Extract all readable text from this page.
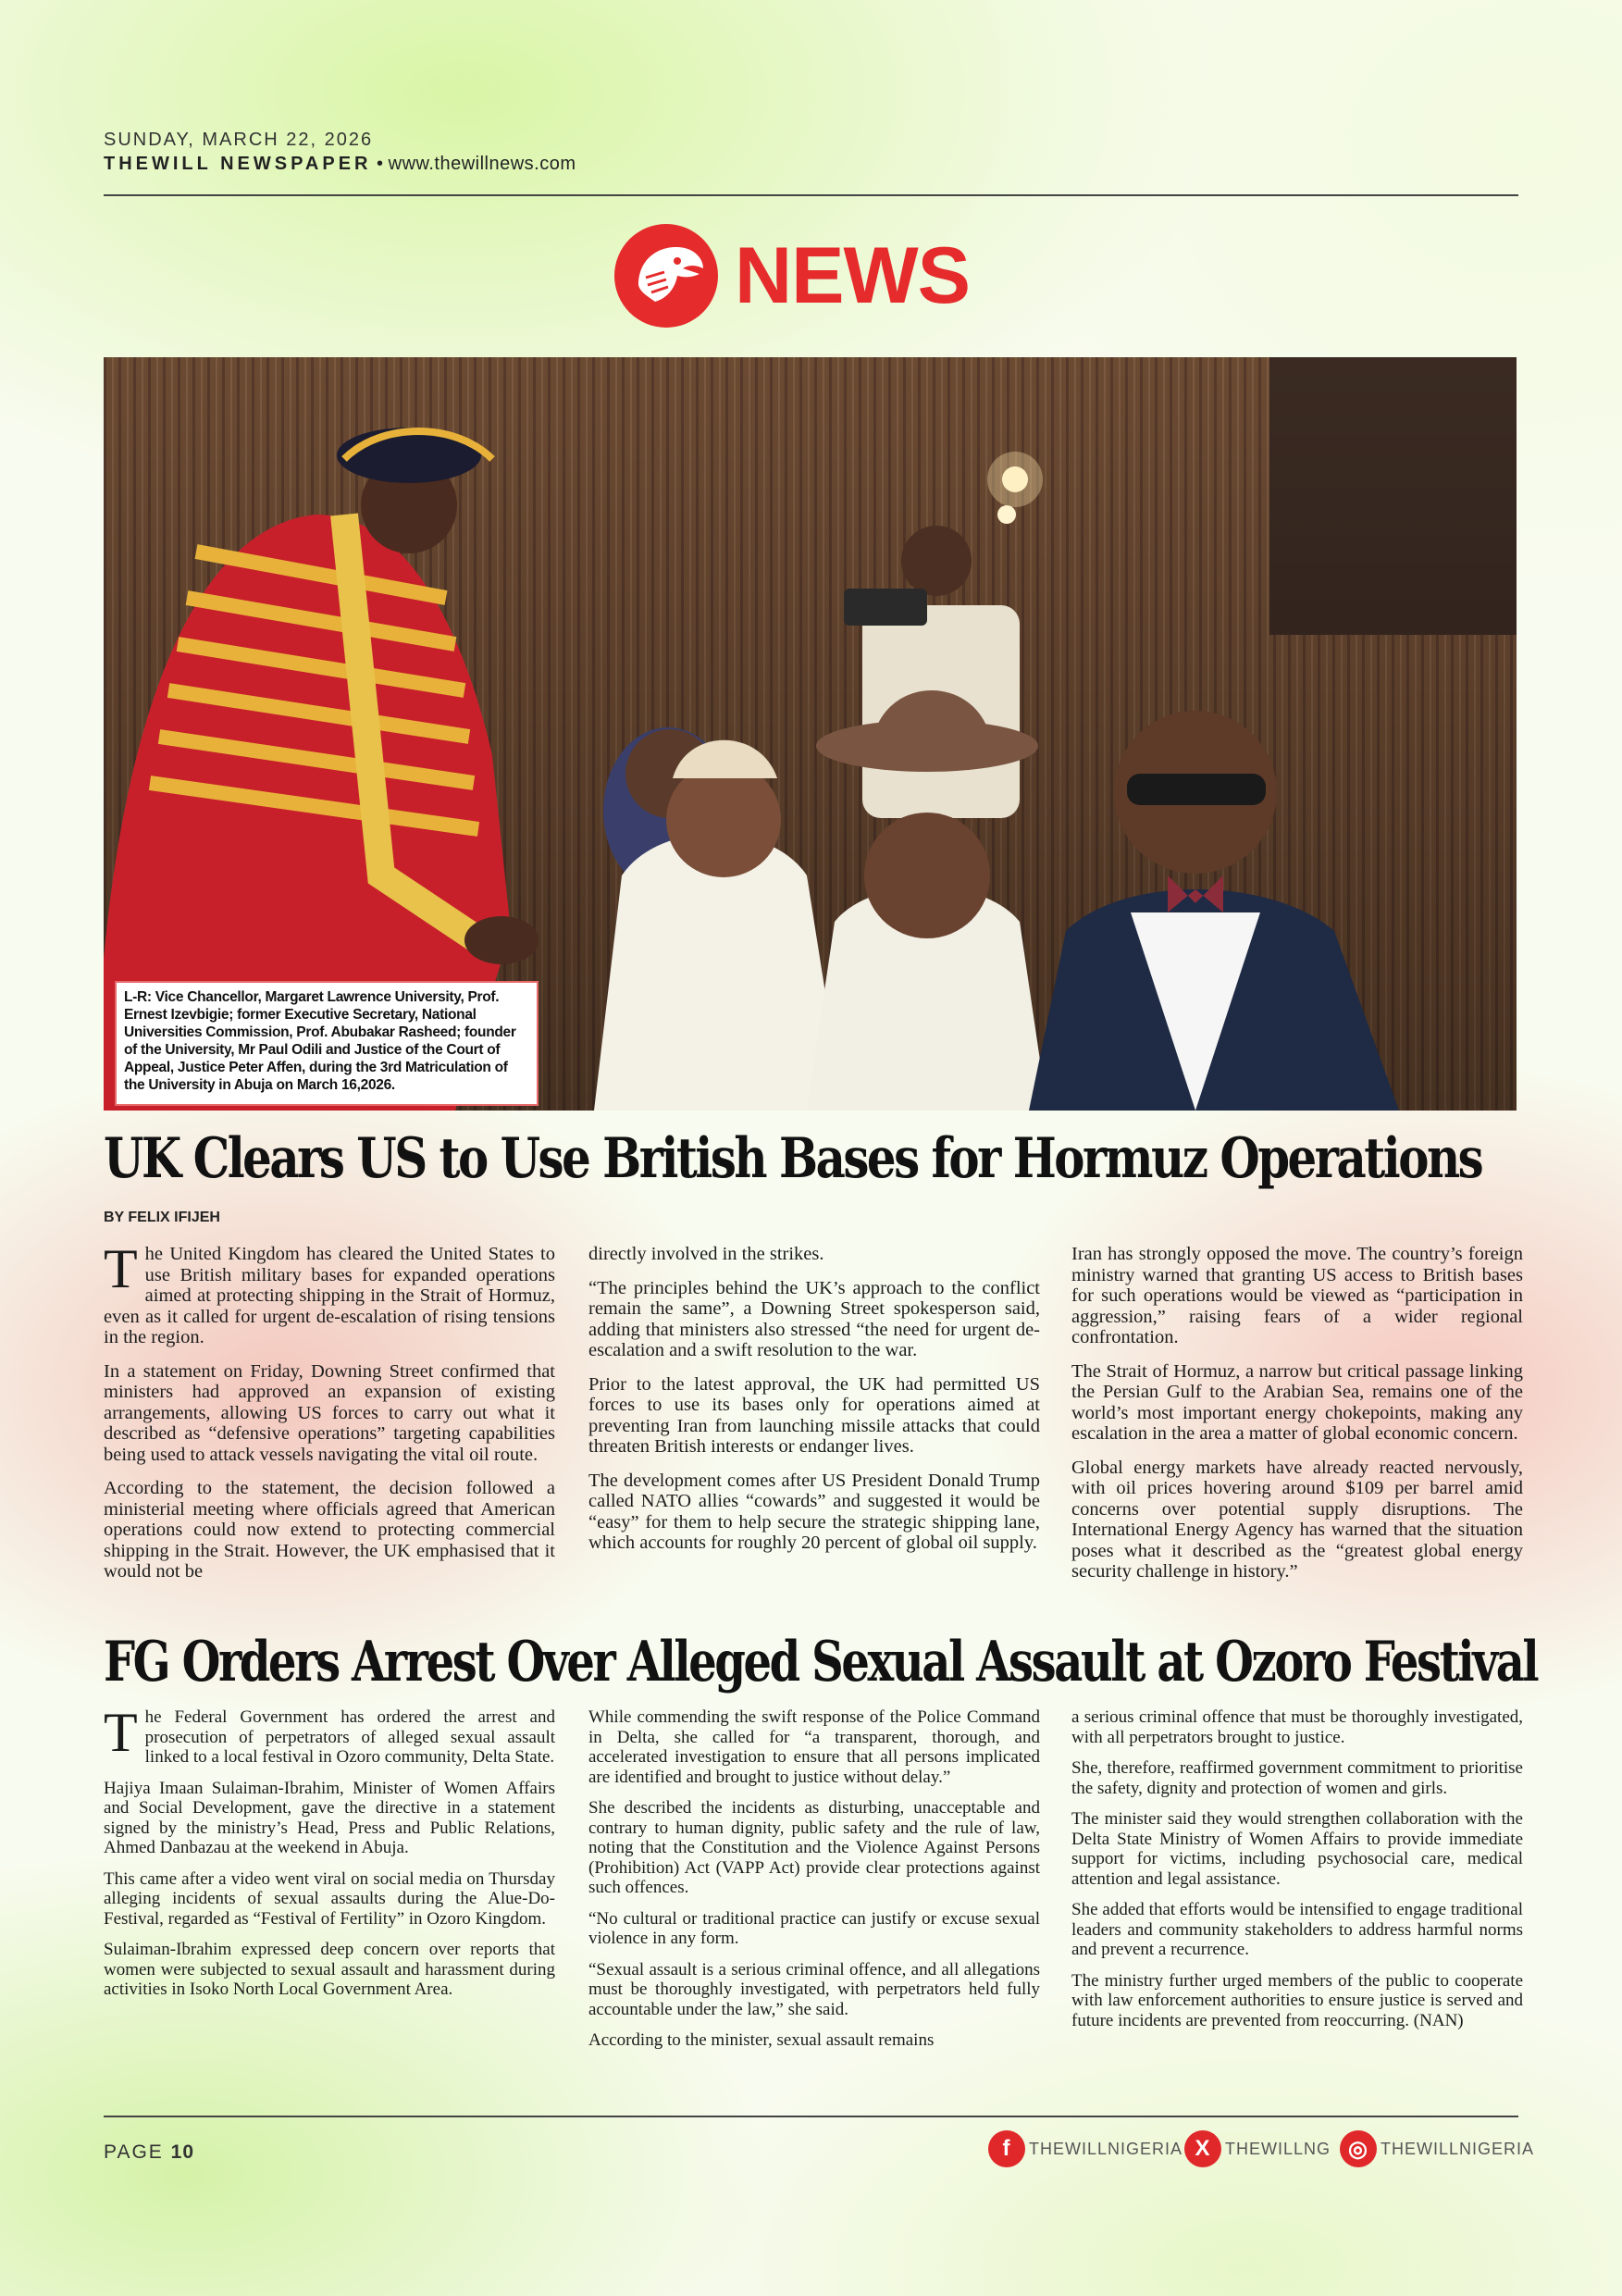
SUNDAY, MARCH 22, 2026
THEWILL NEWSPAPER • www.thewillnews.com
NEWS
L-R: Vice Chancellor, Margaret Lawrence University, Prof. Ernest Izevbigie; former Executive Secretary, National Universities Commission, Prof. Abubakar Rasheed; founder of the University, Mr Paul Odili and Justice of the Court of Appeal, Justice Peter Affen, during the 3rd Matriculation of the University in Abuja on March 16,2026.
UK Clears US to Use British Bases for Hormuz Operations
BY FELIX IFIJEH

The United Kingdom has cleared the United States to use British military bases for expanded operations aimed at protecting shipping in the Strait of Hormuz, even as it called for urgent de-escalation of rising tensions in the region.

In a statement on Friday, Downing Street confirmed that ministers had approved an expansion of existing arrangements, allowing US forces to carry out what it described as “defensive operations” targeting capabilities being used to attack vessels navigating the vital oil route.

According to the statement, the decision followed a ministerial meeting where officials agreed that American operations could now extend to protecting commercial shipping in the Strait. However, the UK emphasised that it would not be

directly involved in the strikes.

“The principles behind the UK’s approach to the conflict remain the same”, a Downing Street spokesperson said, adding that ministers also stressed “the need for urgent de-escalation and a swift resolution to the war.

Prior to the latest approval, the UK had permitted US forces to use its bases only for operations aimed at preventing Iran from launching missile attacks that could threaten British interests or endanger lives.

The development comes after US President Donald Trump called NATO allies “cowards” and suggested it would be “easy” for them to help secure the strategic shipping lane, which accounts for roughly 20 percent of global oil supply.

Iran has strongly opposed the move. The country’s foreign ministry warned that granting US access to British bases for such operations would be viewed as “participation in aggression,” raising fears of a wider regional confrontation.

The Strait of Hormuz, a narrow but critical passage linking the Persian Gulf to the Arabian Sea, remains one of the world’s most important energy chokepoints, making any escalation in the area a matter of global economic concern.

Global energy markets have already reacted nervously, with oil prices hovering around $109 per barrel amid concerns over potential supply disruptions. The International Energy Agency has warned that the situation poses what it described as the “greatest global energy security challenge in history.”

FG Orders Arrest Over Alleged Sexual Assault at Ozoro Festival

The Federal Government has ordered the arrest and prosecution of perpetrators of alleged sexual assault linked to a local festival in Ozoro community, Delta State.

Hajiya Imaan Sulaiman-Ibrahim, Minister of Women Affairs and Social Development, gave the directive in a statement signed by the ministry’s Head, Press and Public Relations, Ahmed Danbazau at the weekend in Abuja.

This came after a video went viral on social media on Thursday alleging incidents of sexual assaults during the Alue-Do-Festival, regarded as “Festival of Fertility” in Ozoro Kingdom.

Sulaiman-Ibrahim expressed deep concern over reports that women were subjected to sexual assault and harassment during activities in Isoko North Local Government Area.

While commending the swift response of the Police Command in Delta, she called for “a transparent, thorough, and accelerated investigation to ensure that all persons implicated are identified and brought to justice without delay.”

She described the incidents as disturbing, unacceptable and contrary to human dignity, public safety and the rule of law, noting that the Constitution and the Violence Against Persons (Prohibition) Act (VAPP Act) provide clear protections against such offences.

“No cultural or traditional practice can justify or excuse sexual violence in any form.

“Sexual assault is a serious criminal offence, and all allegations must be thoroughly investigated, with perpetrators held fully accountable under the law,” she said.

According to the minister, sexual assault remains

a serious criminal offence that must be thoroughly investigated, with all perpetrators brought to justice.

She, therefore, reaffirmed government commitment to prioritise the safety, dignity and protection of women and girls.

The minister said they would strengthen collaboration with the Delta State Ministry of Women Affairs to provide immediate support for victims, including psychosocial care, medical attention and legal assistance.

She added that efforts would be intensified to engage traditional leaders and community stakeholders to address harmful norms and prevent a recurrence.

The ministry further urged members of the public to cooperate with law enforcement authorities to ensure justice is served and future incidents are prevented from reoccurring. (NAN)

PAGE 10	f	THEWILLNIGERIA X THEWILLNG ◎ THEWILLNIGERIA
